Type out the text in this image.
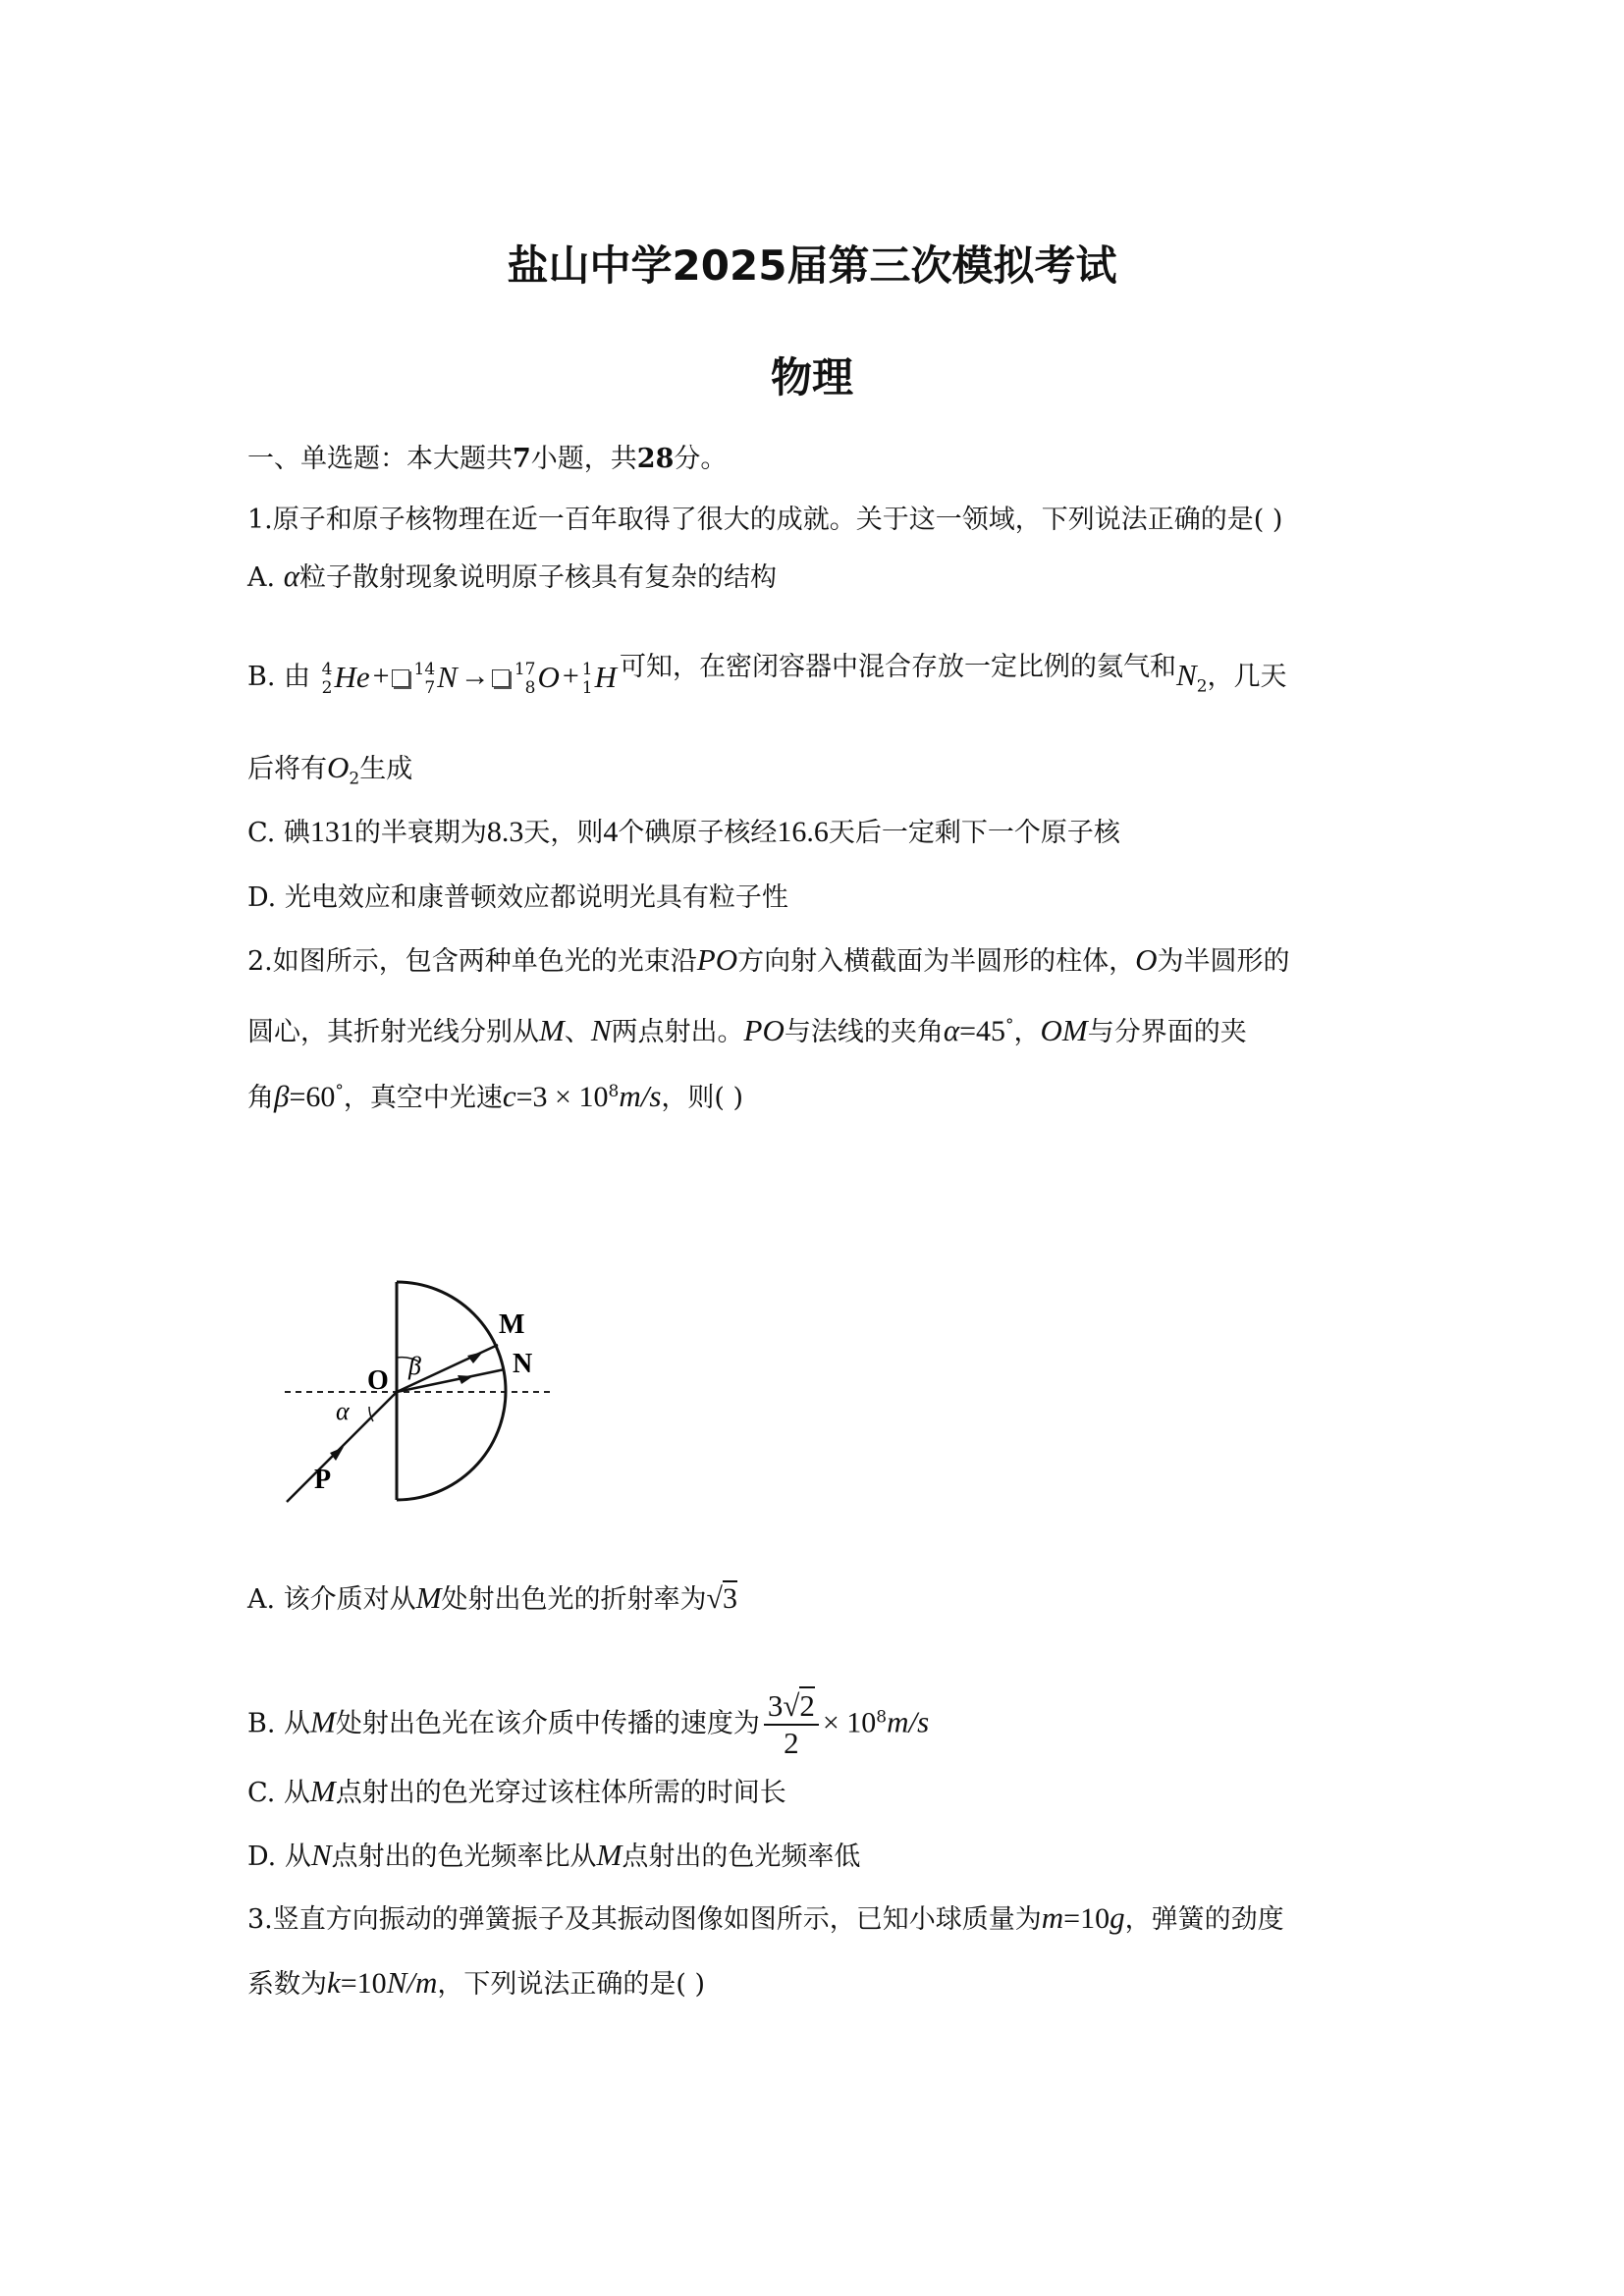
盐山中学2025届第三次模拟考试
物理
一、单选题：本大题共7小题，共28分。
1.原子和原子核物理在近一百年取得了很大的成就。关于这一领域，下列说法正确的是( )
A. α粒子散射现象说明原子核具有复杂的结构
B. 由 4
2 He + 14
7 N → 17
8 O + 1
1 H 可知，在密闭容器中混合存放一定比例的氦气和$N_2$，几天
后将有$O_2$生成
C. 碘131的半衰期为8.3天，则4个碘原子核经16.6天后一定剩下一个原子核
D. 光电效应和康普顿效应都说明光具有粒子性
2.如图所示，包含两种单色光的光束沿PO方向射入横截面为半圆形的柱体，O为半圆形的
圆心，其折射光线分别从M、N两点射出。PO与法线的夹角α=45°，OM与分界面的夹
角β=60°，真空中光速$c=3 \times 10^8m/s$，则( )
M
N
O
P
β
α
A. 该介质对从M处射出色光的折射率为√3
B. 从M处射出色光在该介质中传播的速度为 $\frac{3√2}{2} \times 10^8m/s$
C. 从M点射出的色光穿过该柱体所需的时间长
D. 从N点射出的色光频率比从M点射出的色光频率低
3.竖直方向振动的弹簧振子及其振动图像如图所示，已知小球质量为m=10g，弹簧的劲度
系数为k=10N/m，下列说法正确的是( )
